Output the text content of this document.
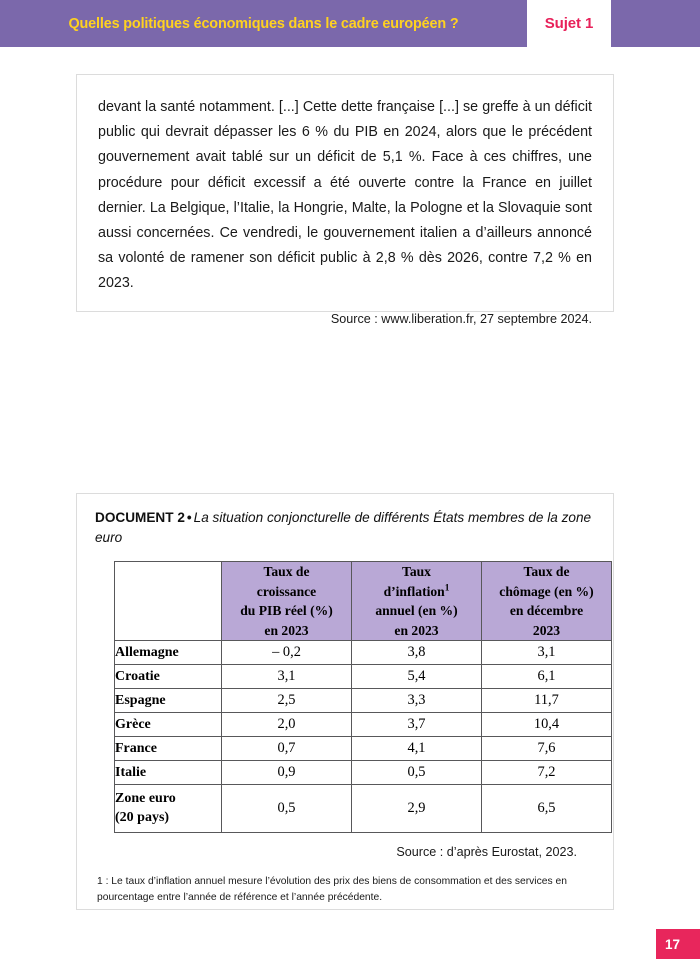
Quelles politiques économiques dans le cadre européen ?	Sujet 1

devant la santé notamment. [...] Cette dette française [...] se greffe à un déficit public qui devrait dépasser les 6 % du PIB en 2024, alors que le précédent gouvernement avait tablé sur un déficit de 5,1 %. Face à ces chiffres, une procédure pour déficit excessif a été ouverte contre la France en juillet dernier. La Belgique, l’Italie, la Hongrie, Malte, la Pologne et la Slovaquie sont aussi concernées. Ce vendredi, le gouvernement italien a d’ailleurs annoncé sa volonté de ramener son déficit public à 2,8 % dès 2026, contre 7,2 % en 2023.

Source : www.liberation.fr, 27 septembre 2024.

DOCUMENT 2 • La situation conjoncturelle de différents États membres de la zone euro

	Taux de
croissance
du PIB réel (%)
en 2023	Taux
d’inflation$^1$
annuel (en %)
en 2023	Taux de
chômage (en %)
en décembre
2023
Allemagne	– 0,2	3,8	3,1
Croatie	3,1	5,4	6,1
Espagne	2,5	3,3	11,7
Grèce	2,0	3,7	10,4
France	0,7	4,1	7,6
Italie	0,9	0,5	7,2
Zone euro
(20 pays)	0,5	2,9	6,5

Source : d’après Eurostat, 2023.

1 : Le taux d’inflation annuel mesure l’évolution des prix des biens de consommation et des services en pourcentage entre l’année de référence et l’année précédente.

17
